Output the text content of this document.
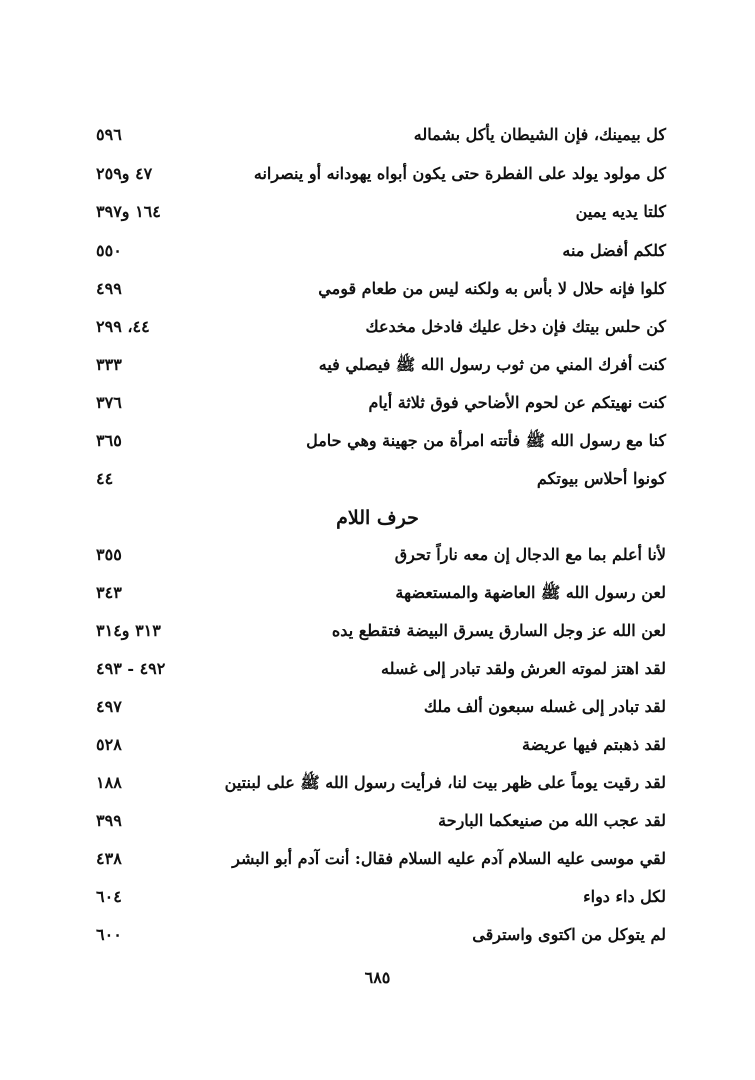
كل بيمينك، فإن الشيطان يأكل بشماله
٥٩٦
كل مولود يولد على الفطرة حتى يكون أبواه يهودانه أو ينصرانه
٤٧ و٢٥٩
كلتا يديه يمين
١٦٤ و٣٩٧
كلكم أفضل منه
٥٥٠
كلوا فإنه حلال لا بأس به ولكنه ليس من طعام قومي
٤٩٩
كن حلس بيتك فإن دخل عليك فادخل مخدعك
٤٤، ٢٩٩
كنت أفرك المني من ثوب رسول الله ﷺ فيصلي فيه
٣٣٣
كنت نهيتكم عن لحوم الأضاحي فوق ثلاثة أيام
٣٧٦
كنا مع رسول الله ﷺ فأتته امرأة من جهينة وهي حامل
٣٦٥
كونوا أحلاس بيوتكم
٤٤
حرف اللام
لأنا أعلم بما مع الدجال إن معه ناراً تحرق
٣٥٥
لعن رسول الله ﷺ العاضهة والمستعضهة
٣٤٣
لعن الله عز وجل السارق يسرق البيضة فتقطع يده
٣١٣ و٣١٤
لقد اهتز لموته العرش ولقد تبادر إلى غسله
٤٩٢ - ٤٩٣
لقد تبادر إلى غسله سبعون ألف ملك
٤٩٧
لقد ذهبتم فيها عريضة
٥٢٨
لقد رقيت يوماً على ظهر بيت لنا، فرأيت رسول الله ﷺ على لبنتين
١٨٨
لقد عجب الله من صنيعكما البارحة
٣٩٩
لقي موسى عليه السلام آدم عليه السلام فقال: أنت آدم أبو البشر
٤٣٨
لكل داء دواء
٦٠٤
لم يتوكل من اكتوى واسترقى
٦٠٠
٦٨٥
